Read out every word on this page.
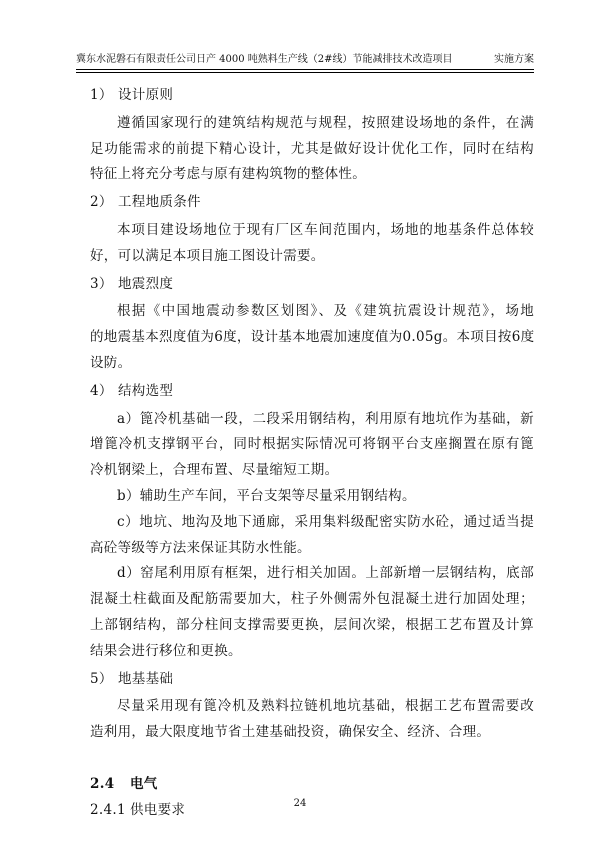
冀东水泥磐石有限责任公司日产 4000 吨熟料生产线（2#线）节能减排技术改造项目	实施方案

1） 设计原则

遵循国家现行的建筑结构规范与规程，按照建设场地的条件，在满

足功能需求的前提下精心设计，尤其是做好设计优化工作，同时在结构

特征上将充分考虑与原有建构筑物的整体性。

2） 工程地质条件

本项目建设场地位于现有厂区车间范围内，场地的地基条件总体较

好，可以满足本项目施工图设计需要。

3） 地震烈度

根据《中国地震动参数区划图》、及《建筑抗震设计规范》，场地

的地震基本烈度值为6度，设计基本地震加速度值为0.05g。本项目按6度

设防。

4） 结构选型

a）篦冷机基础一段，二段采用钢结构，利用原有地坑作为基础，新

增篦冷机支撑钢平台，同时根据实际情况可将钢平台支座搁置在原有篦

冷机钢梁上，合理布置、尽量缩短工期。

b）辅助生产车间，平台支架等尽量采用钢结构。

c）地坑、地沟及地下通廊，采用集料级配密实防水砼，通过适当提

高砼等级等方法来保证其防水性能。

d）窑尾利用原有框架，进行相关加固。上部新增一层钢结构，底部

混凝土柱截面及配筋需要加大，柱子外侧需外包混凝土进行加固处理；

上部钢结构，部分柱间支撑需要更换，层间次梁，根据工艺布置及计算

结果会进行移位和更换。

5） 地基基础

尽量采用现有篦冷机及熟料拉链机地坑基础，根据工艺布置需要改

造利用，最大限度地节省土建基础投资，确保安全、经济、合理。

2.4 电气

2.4.1 供电要求	24
